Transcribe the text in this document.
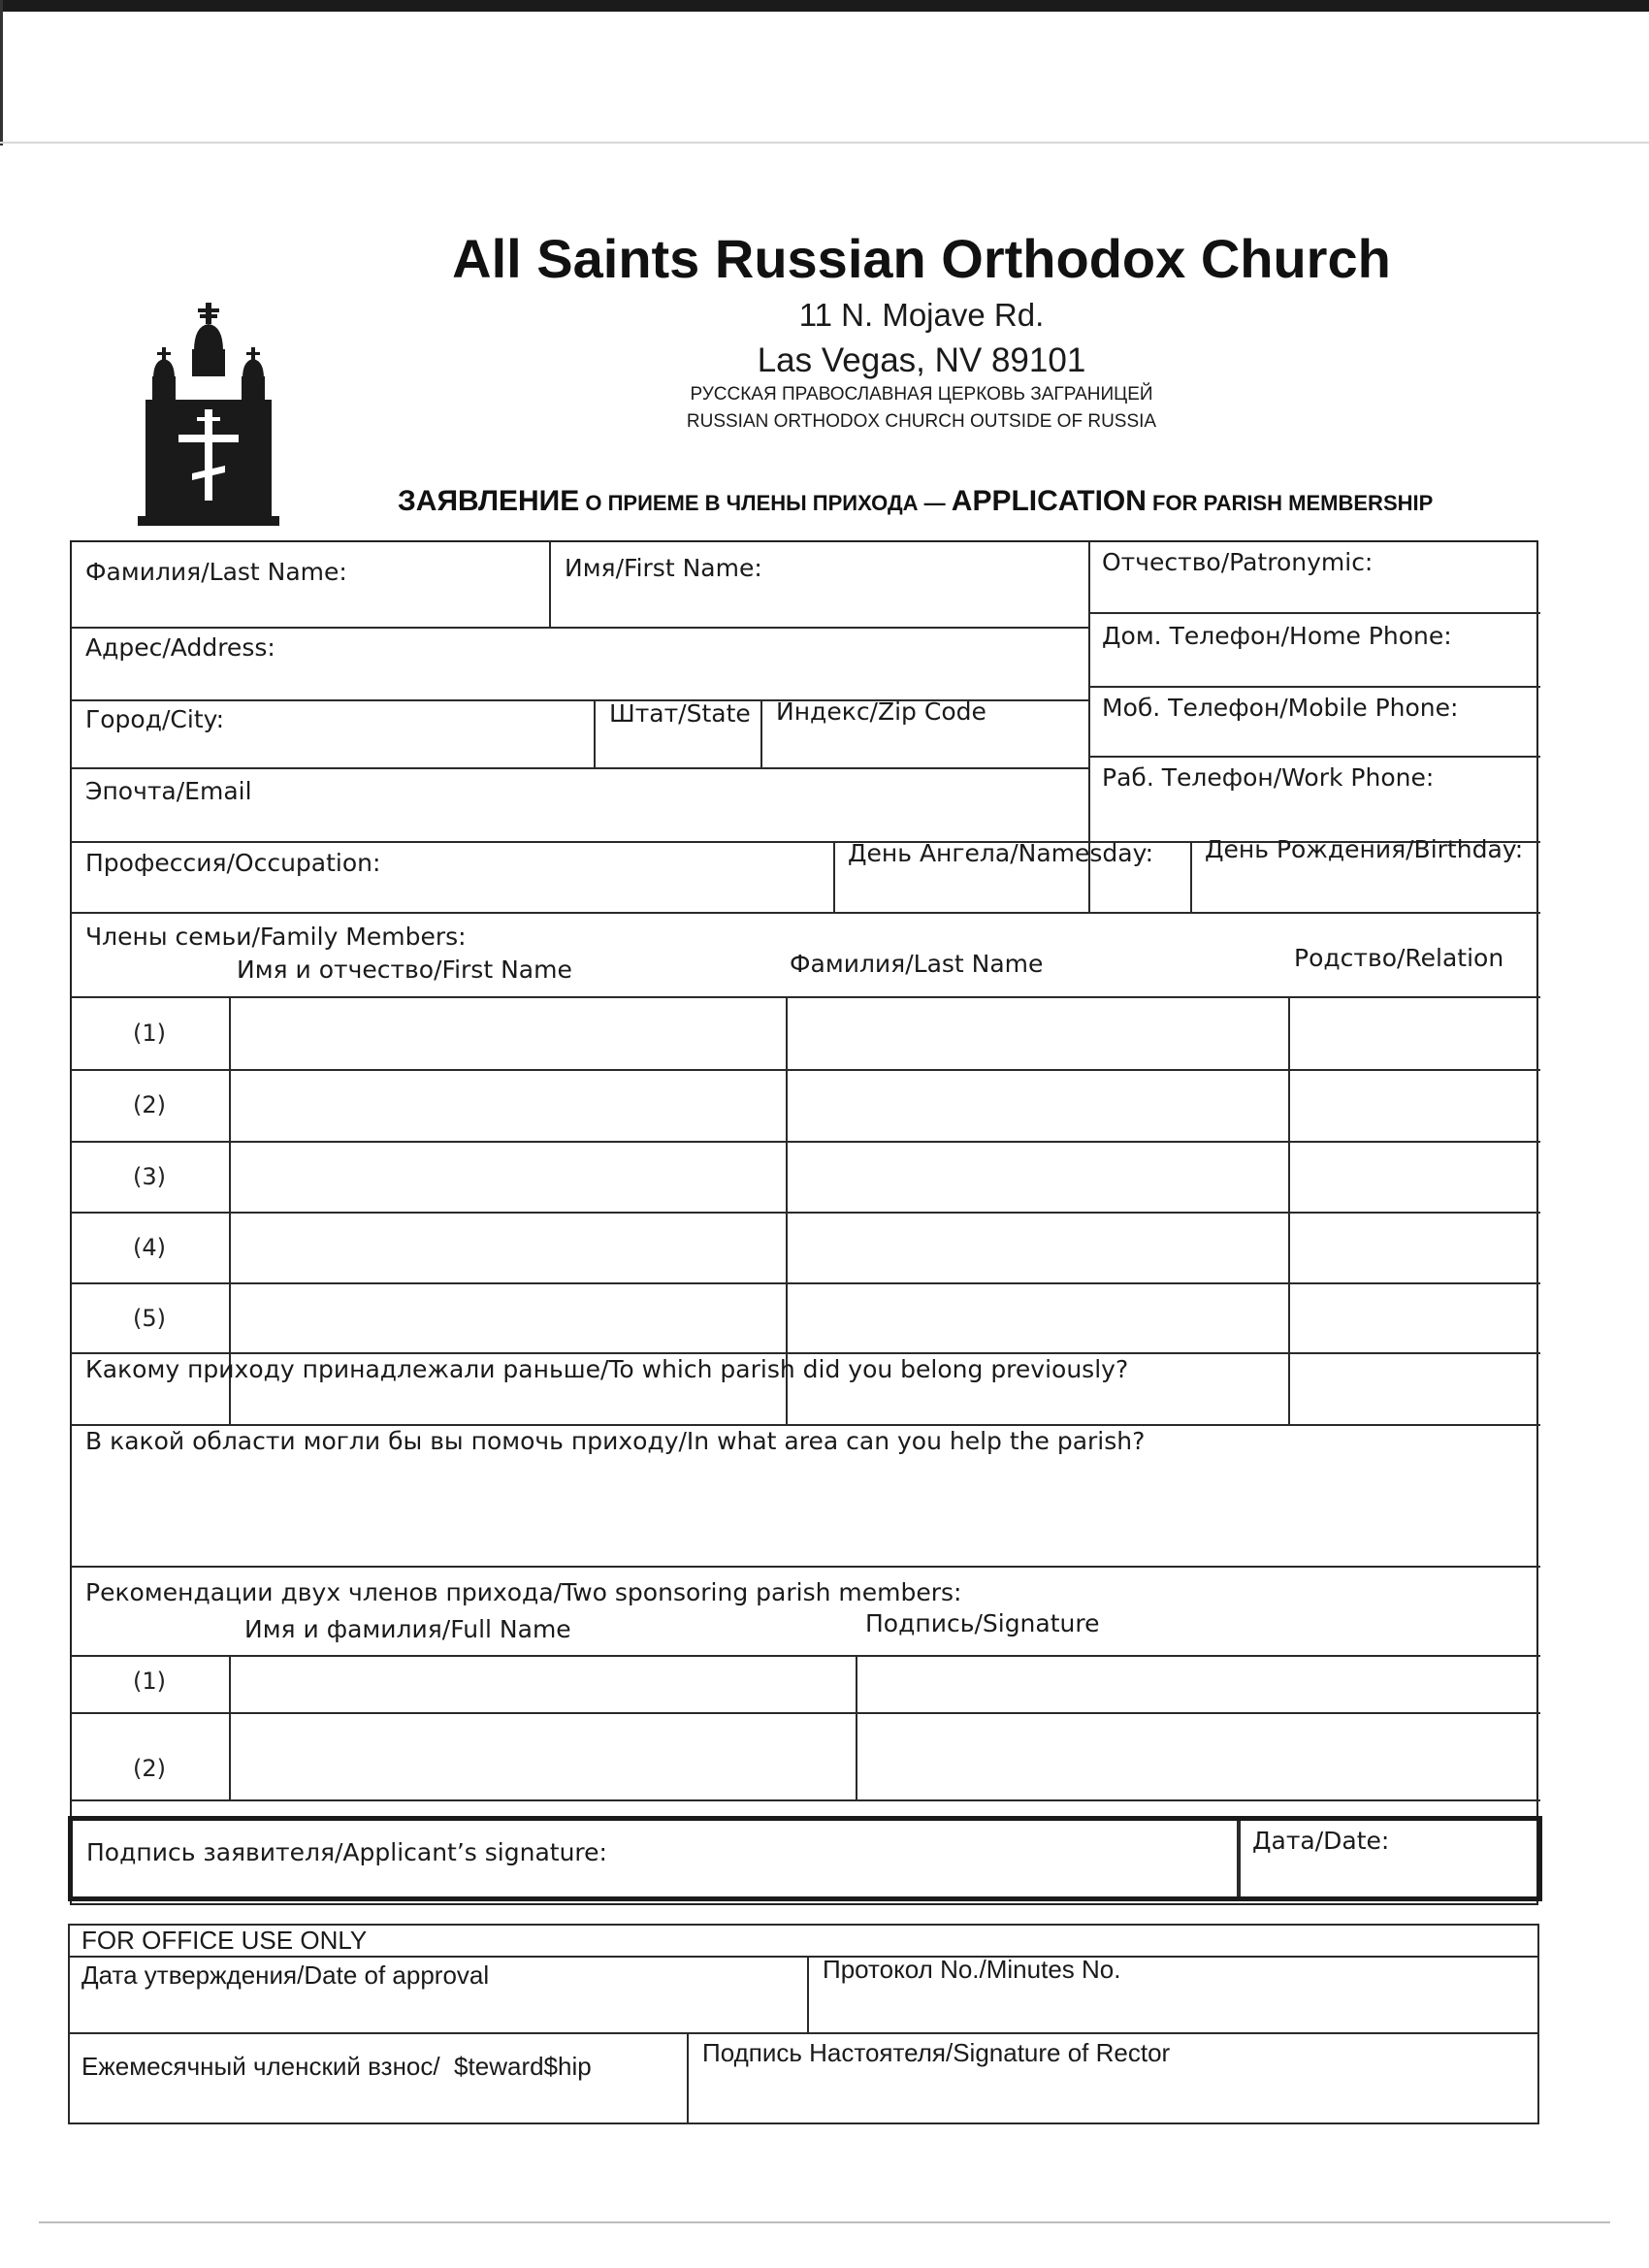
All Saints Russian Orthodox Church
11 N. Mojave Rd.
Las Vegas, NV 89101
РУССКАЯ ПРАВОСЛАВНАЯ ЦЕРКОВЬ ЗАГРАНИЦЕЙ
RUSSIAN ORTHODOX CHURCH OUTSIDE OF RUSSIA
ЗАЯВЛЕНИЕ О ПРИЕМЕ В ЧЛЕНЫ ПРИХОДА — APPLICATION FOR PARISH MEMBERSHIP
Фамилия/Last Name:	Имя/First Name:	Отчество/Patronymic:
Адрес/Address:	Дом. Телефон/Home Phone:
Город/City:	Штат/State Индекс/Zip Code	Моб. Телефон/Mobile Phone:
Эпочта/Email	Раб. Телефон/Work Phone:
Профессия/Occupation:	День Ангела/Namesday: День Рождения/Birthday:
Члены семьи/Family Members:
Имя и отчество/First Name	Фамилия/Last Name	Родство/Relation
(1)
(2)
(3)
(4)
(5)
Какому приходу принадлежали раньше/To which parish did you belong previously?
В какой области могли бы вы помочь приходу/In what area can you help the parish?
Рекомендации двух членов прихода/Two sponsoring parish members:
Имя и фамилия/Full Name	Подпись/Signature
(1)
(2)
Подпись заявителя/Applicant’s signature:	Дата/Date:
FOR OFFICE USE ONLY
Дата утверждения/Date of approval	Протокол No./Minutes No.
Ежемесячный членский взнос/  $teward$hip	Подпись Настоятеля/Signature of Rector
